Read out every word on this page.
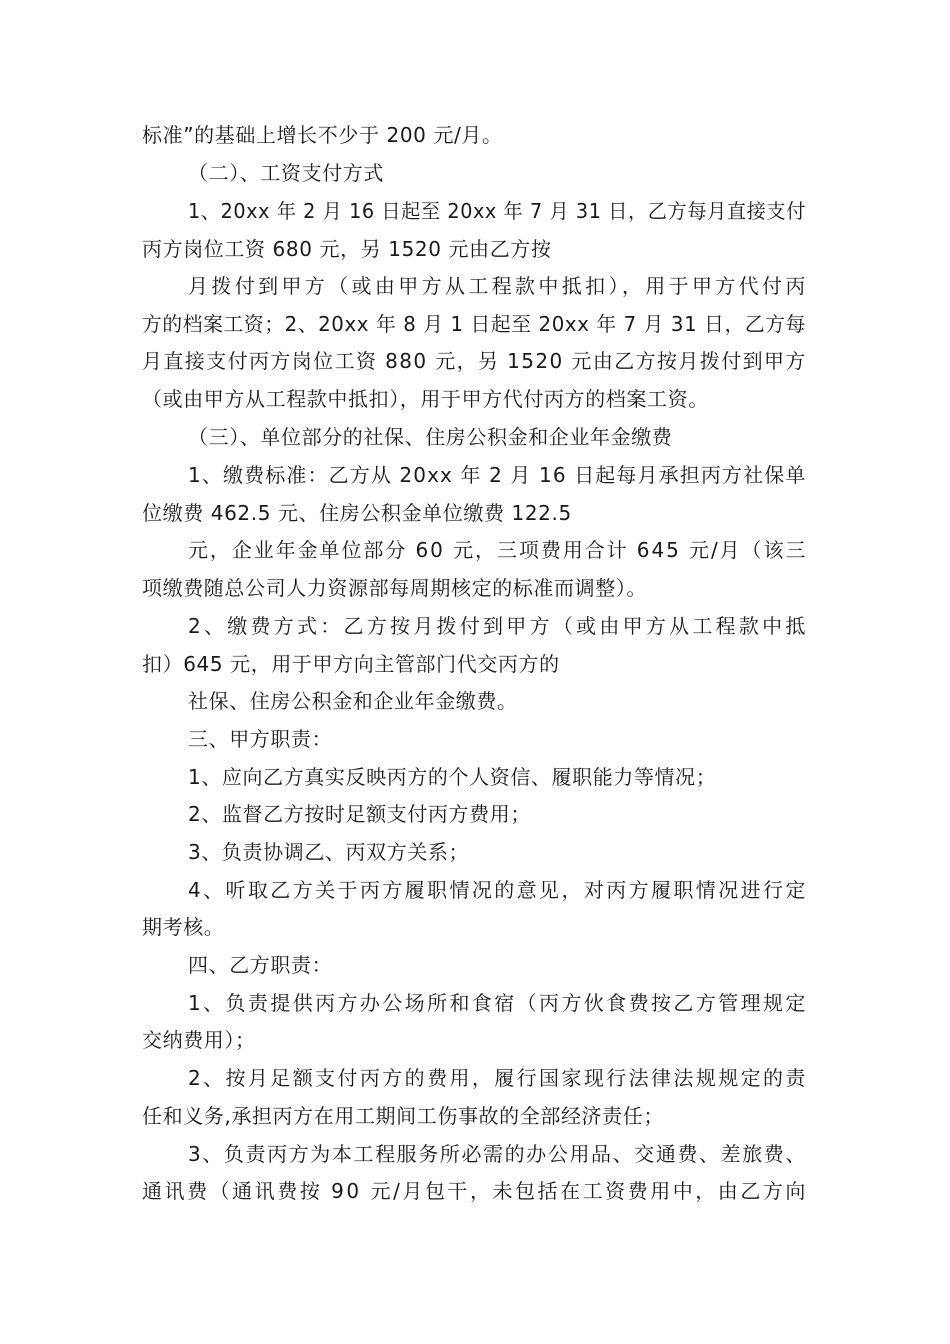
标准”的基础上增长不少于 200 元/月。
（二）、工资支付方式
1、20xx 年 2 月 16 日起至 20xx 年 7 月 31 日，乙方每月直接支付
丙方岗位工资 680 元，另 1520 元由乙方按
月拨付到甲方（或由甲方从工程款中抵扣），用于甲方代付丙
方的档案工资；2、20xx 年 8 月 1 日起至 20xx 年 7 月 31 日，乙方每
月直接支付丙方岗位工资 880 元，另 1520 元由乙方按月拨付到甲方
（或由甲方从工程款中抵扣），用于甲方代付丙方的档案工资。
（三）、单位部分的社保、住房公积金和企业年金缴费
1、缴费标准：乙方从 20xx 年 2 月 16 日起每月承担丙方社保单
位缴费 462.5 元、住房公积金单位缴费 122.5
元，企业年金单位部分 60 元，三项费用合计 645 元/月（该三
项缴费随总公司人力资源部每周期核定的标准而调整）。
2、缴费方式：乙方按月拨付到甲方（或由甲方从工程款中抵
扣）645 元，用于甲方向主管部门代交丙方的
社保、住房公积金和企业年金缴费。
三、甲方职责：
1、应向乙方真实反映丙方的个人资信、履职能力等情况；
2、监督乙方按时足额支付丙方费用；
3、负责协调乙、丙双方关系；
4、听取乙方关于丙方履职情况的意见，对丙方履职情况进行定
期考核。
四、乙方职责：
1、负责提供丙方办公场所和食宿（丙方伙食费按乙方管理规定
交纳费用）；
2、按月足额支付丙方的费用，履行国家现行法律法规规定的责
任和义务,承担丙方在用工期间工伤事故的全部经济责任；
3、负责丙方为本工程服务所必需的办公用品、交通费、差旅费、
通讯费（通讯费按 90 元/月包干，未包括在工资费用中，由乙方向
